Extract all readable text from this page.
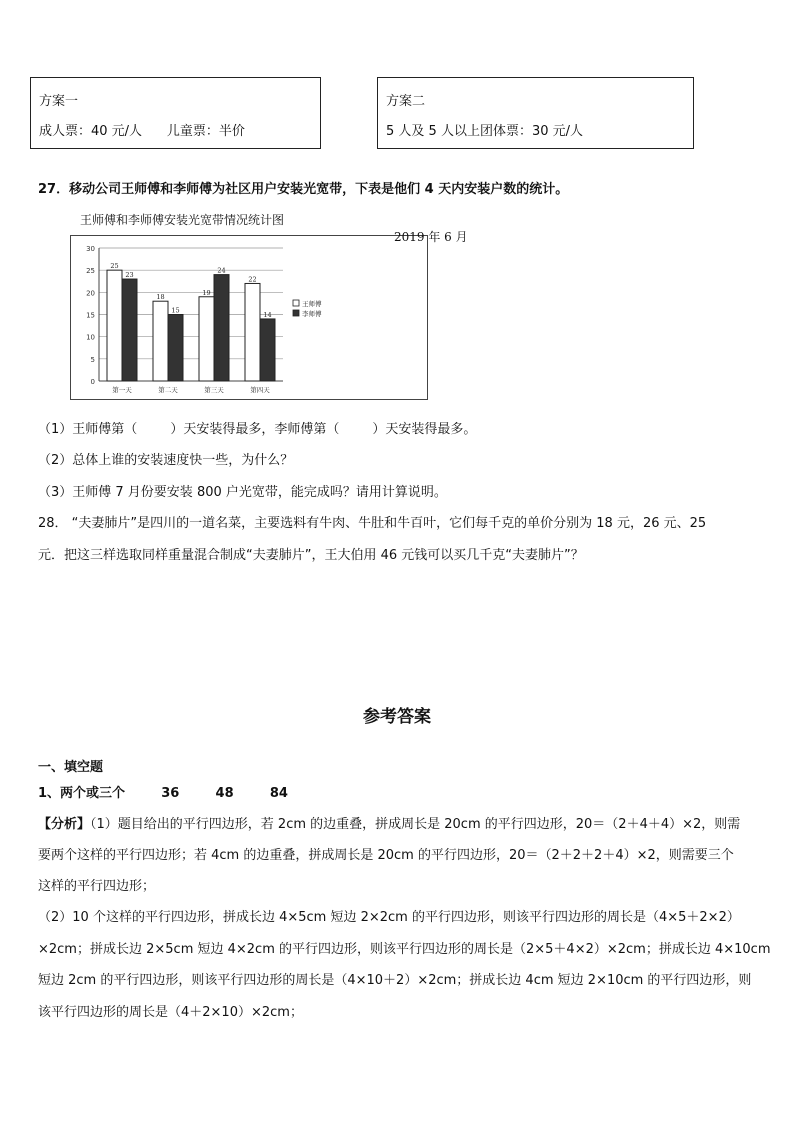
方案一
成人票：40 元/人      儿童票：半价
方案二
5 人及 5 人以上团体票：30 元/人
27．移动公司王师傅和李师傅为社区用户安装光宽带，下表是他们 4 天内安装户数的统计。
王师傅和李师傅安装光宽带情况统计图
0
5
10
15
20
25
30
25
23
第一天
18
15
第二天
19
24
第三天
22
14
第四天
王师傅
李师傅
2019 年 6 月
（1）王师傅第（        ）天安装得最多，李师傅第（        ）天安装得最多。
（2）总体上谁的安装速度快一些，为什么？
（3）王师傅 7 月份要安装 800 户光宽带，能完成吗？请用计算说明。
28． “夫妻肺片”是四川的一道名菜，主要选料有牛肉、牛肚和牛百叶，它们每千克的单价分别为 18 元，26 元、25
元．把这三样选取同样重量混合制成“夫妻肺片”，王大伯用 46 元钱可以买几千克“夫妻肺片”？
参考答案
一、填空题
1、两个或三个        36        48        84
【分析】（1）题目给出的平行四边形，若 2cm 的边重叠，拼成周长是 20cm 的平行四边形，20＝（2＋4＋4）×2，则需
要两个这样的平行四边形；若 4cm 的边重叠，拼成周长是 20cm 的平行四边形，20＝（2＋2＋2＋4）×2，则需要三个
这样的平行四边形；
（2）10 个这样的平行四边形，拼成长边 4×5cm 短边 2×2cm 的平行四边形，则该平行四边形的周长是（4×5＋2×2）
×2cm；拼成长边 2×5cm 短边 4×2cm 的平行四边形，则该平行四边形的周长是（2×5＋4×2）×2cm；拼成长边 4×10cm
短边 2cm 的平行四边形，则该平行四边形的周长是（4×10＋2）×2cm；拼成长边 4cm 短边 2×10cm 的平行四边形，则
该平行四边形的周长是（4＋2×10）×2cm；
